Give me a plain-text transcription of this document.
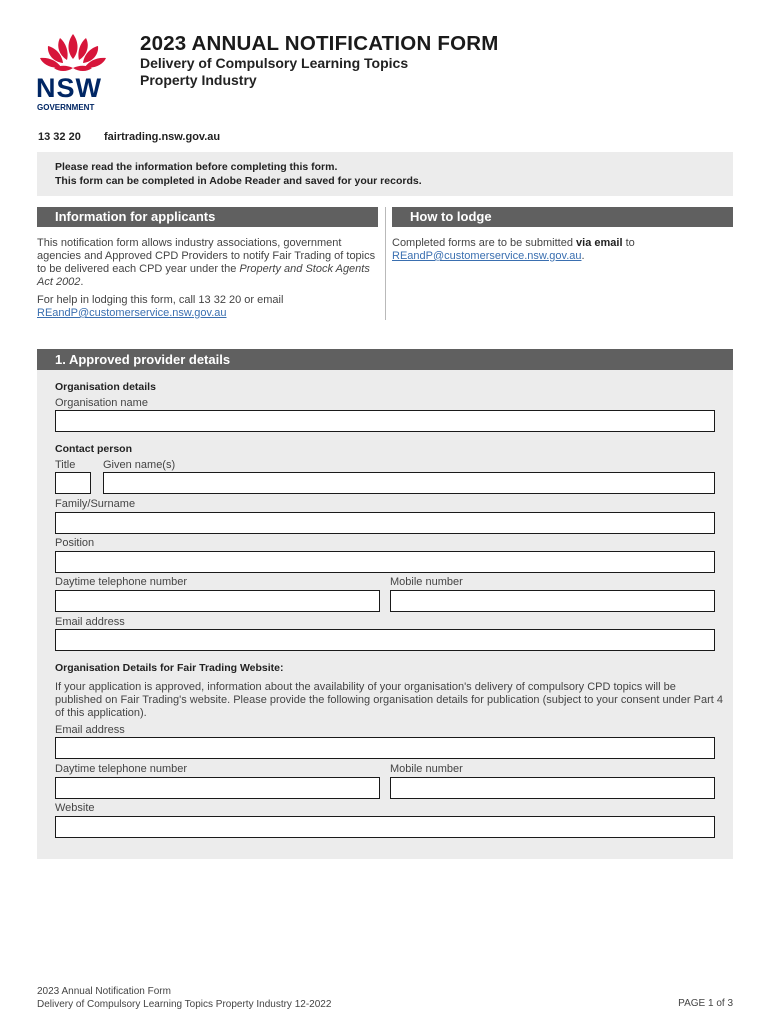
NSW
GOVERNMENT
2023 ANNUAL NOTIFICATION FORM
Delivery of Compulsory Learning Topics
Property Industry
13 32 20 fairtrading.nsw.gov.au
Please read the information before completing this form.
This form can be completed in Adobe Reader and saved for your records.
Information for applicants	How to lodge
This notification form allows industry associations, government agencies and Approved CPD Providers to notify Fair Trading of topics to be delivered each CPD year under the Property and Stock Agents Act 2002.
For help in lodging this form, call 13 32 20 or email
REandP@customerservice.nsw.gov.au
Completed forms are to be submitted via email to
REandP@customerservice.nsw.gov.au.
1. Approved provider details
Organisation details
Organisation name
Contact person
Title	Given name(s)
Family/Surname
Position
Daytime telephone number	Mobile number
Email address
Organisation Details for Fair Trading Website:
If your application is approved, information about the availability of your organisation's delivery of compulsory CPD topics will be published on Fair Trading's website. Please provide the following organisation details for publication (subject to your consent under Part 4 of this application).
Email address
Daytime telephone number	Mobile number
Website
2023 Annual Notification Form
Delivery of Compulsory Learning Topics Property Industry 12-2022	PAGE 1 of 3
